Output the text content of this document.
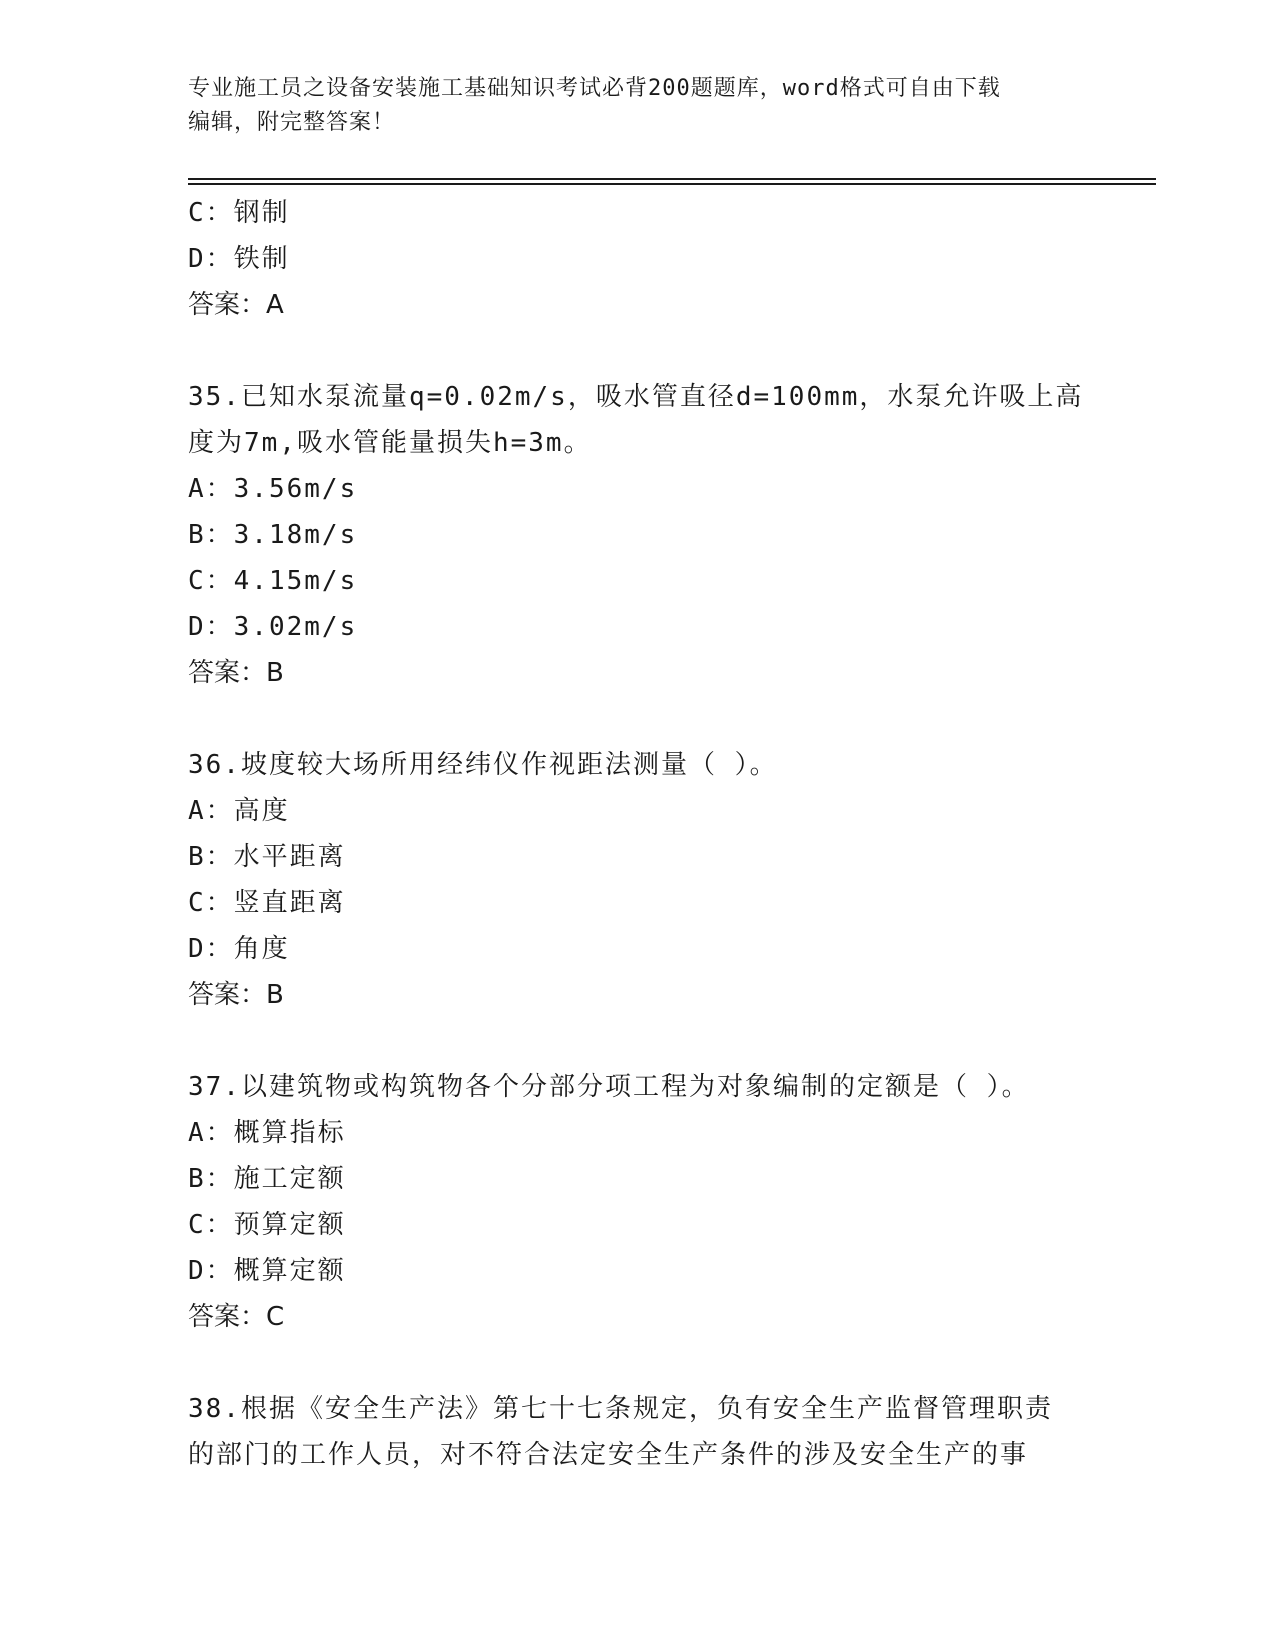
专业施工员之设备安装施工基础知识考试必背200题题库，word格式可自由下载
编辑，附完整答案！
C：钢制
D：铁制
答案：A
35.已知水泵流量q=0.02m/s，吸水管直径d=100mm，水泵允许吸上高
度为7m,吸水管能量损失h=3m。
A：3.56m/s
B：3.18m/s
C：4.15m/s
D：3.02m/s
答案：B
36.坡度较大场所用经纬仪作视距法测量（ ）。
A：高度
B：水平距离
C：竖直距离
D：角度
答案：B
37.以建筑物或构筑物各个分部分项工程为对象编制的定额是（ ）。
A：概算指标
B：施工定额
C：预算定额
D：概算定额
答案：C
38.根据《安全生产法》第七十七条规定，负有安全生产监督管理职责
的部门的工作人员，对不符合法定安全生产条件的涉及安全生产的事
